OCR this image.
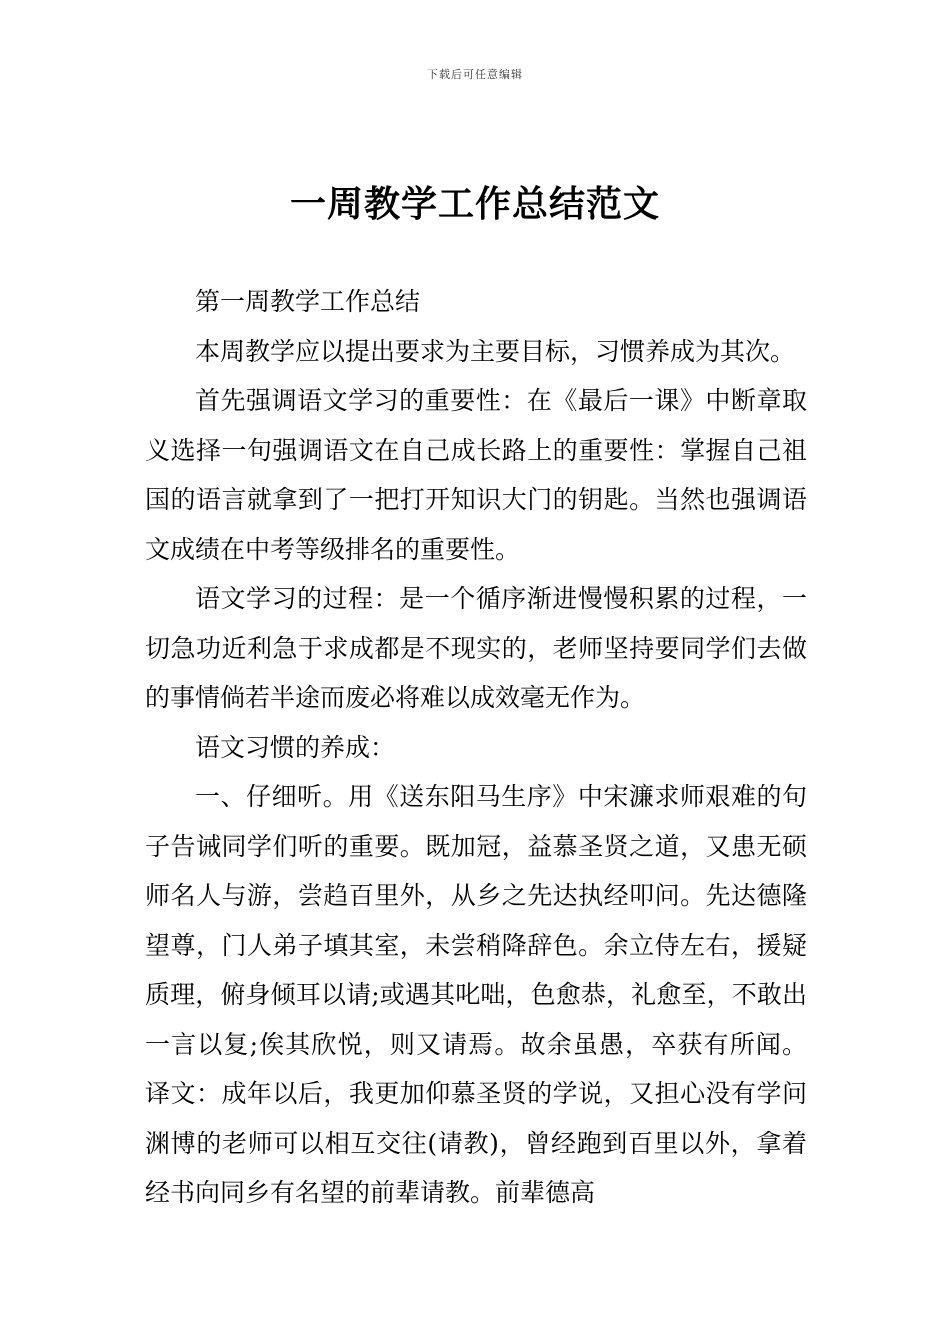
下载后可任意编辑
一周教学工作总结范文

第一周教学工作总结

本周教学应以提出要求为主要目标，习惯养成为其次。

首先强调语文学习的重要性：在《最后一课》中断章取义选择一句强调语文在自己成长路上的重要性：掌握自己祖国的语言就拿到了一把打开知识大门的钥匙。当然也强调语文成绩在中考等级排名的重要性。

语文学习的过程：是一个循序渐进慢慢积累的过程，一切急功近利急于求成都是不现实的，老师坚持要同学们去做的事情倘若半途而废必将难以成效毫无作为。

语文习惯的养成：

一、仔细听。用《送东阳马生序》中宋濂求师艰难的句子告诫同学们听的重要。既加冠，益慕圣贤之道，又患无硕师名人与游，尝趋百里外，从乡之先达执经叩问。先达德隆望尊，门人弟子填其室，未尝稍降辞色。余立侍左右，援疑质理，俯身倾耳以请;或遇其叱咄，色愈恭，礼愈至，不敢出一言以复;俟其欣悦，则又请焉。故余虽愚，卒获有所闻。 译文：成年以后，我更加仰慕圣贤的学说，又担心没有学问渊博的老师可以相互交往(请教)，曾经跑到百里以外，拿着经书向同乡有名望的前辈请教。前辈德高
